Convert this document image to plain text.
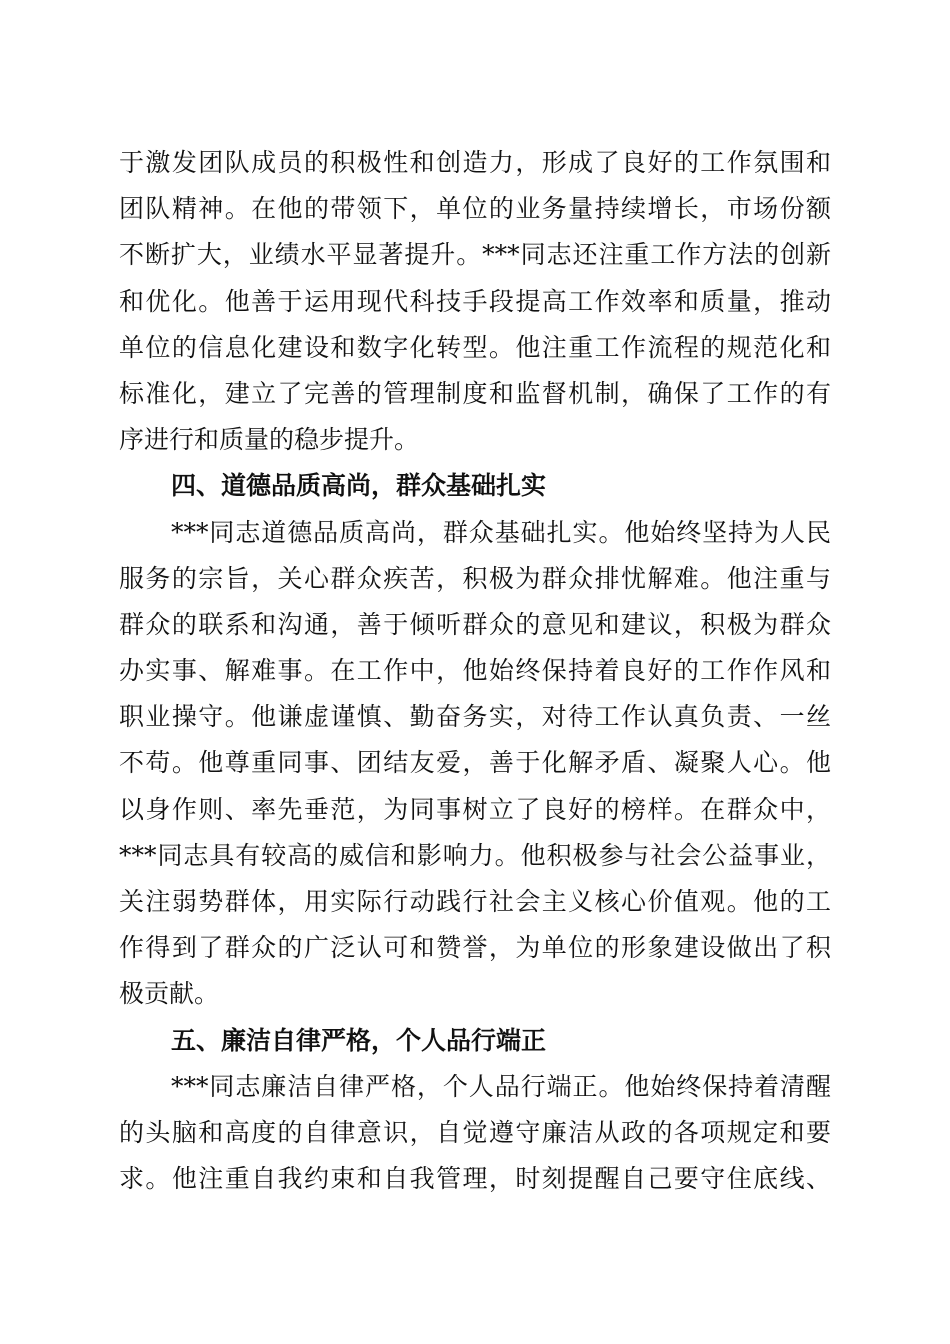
于激发团队成员的积极性和创造力，形成了良好的工作氛围和
团队精神。在他的带领下，单位的业务量持续增长，市场份额
不断扩大，业绩水平显著提升。***同志还注重工作方法的创新
和优化。他善于运用现代科技手段提高工作效率和质量，推动
单位的信息化建设和数字化转型。他注重工作流程的规范化和
标准化，建立了完善的管理制度和监督机制，确保了工作的有
序进行和质量的稳步提升。
四、道德品质高尚，群众基础扎实
***同志道德品质高尚，群众基础扎实。他始终坚持为人民
服务的宗旨，关心群众疾苦，积极为群众排忧解难。他注重与
群众的联系和沟通，善于倾听群众的意见和建议，积极为群众
办实事、解难事。在工作中，他始终保持着良好的工作作风和
职业操守。他谦虚谨慎、勤奋务实，对待工作认真负责、一丝
不苟。他尊重同事、团结友爱，善于化解矛盾、凝聚人心。他
以身作则、率先垂范，为同事树立了良好的榜样。在群众中，
***同志具有较高的威信和影响力。他积极参与社会公益事业，
关注弱势群体，用实际行动践行社会主义核心价值观。他的工
作得到了群众的广泛认可和赞誉，为单位的形象建设做出了积
极贡献。
五、廉洁自律严格，个人品行端正
***同志廉洁自律严格，个人品行端正。他始终保持着清醒
的头脑和高度的自律意识，自觉遵守廉洁从政的各项规定和要
求。他注重自我约束和自我管理，时刻提醒自己要守住底线、
